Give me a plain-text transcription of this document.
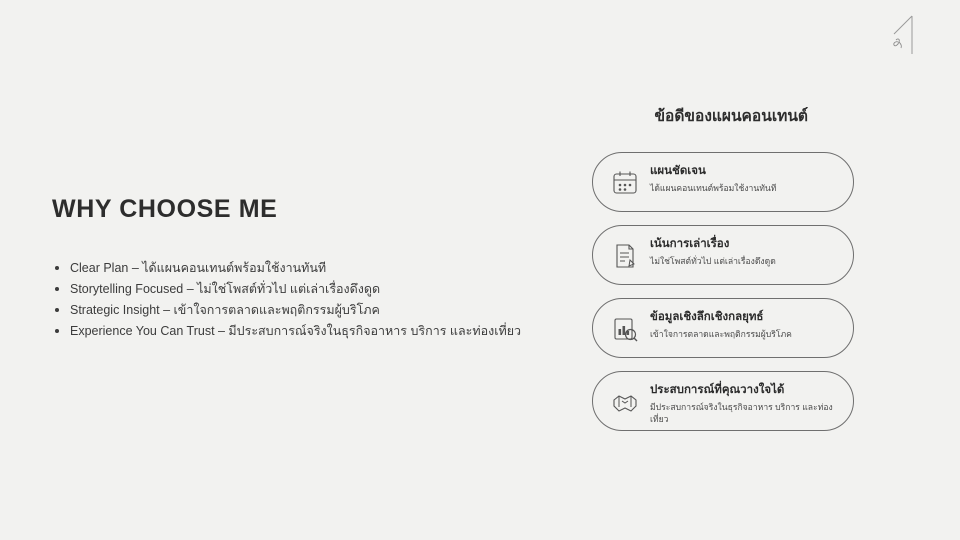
WHY CHOOSE ME
Clear Plan – ได้แผนคอนเทนต์พร้อมใช้งานทันที
Storytelling Focused – ไม่ใช่โพสต์ทั่วไป แต่เล่าเรื่องดึงดูด
Strategic Insight – เข้าใจการตลาดและพฤติกรรมผู้บริโภค
Experience You Can Trust – มีประสบการณ์จริงในธุรกิจอาหาร บริการ และท่องเที่ยว
ข้อดีของแผนคอนเทนต์
แผนชัดเจน
ได้แผนคอนเทนต์พร้อมใช้งานทันที
เน้นการเล่าเรื่อง
ไม่ใช่โพสต์ทั่วไป แต่เล่าเรื่องดึงดูด
ข้อมูลเชิงลึกเชิงกลยุทธ์
เข้าใจการตลาดและพฤติกรรมผู้บริโภค
ประสบการณ์ที่คุณวางใจได้
มีประสบการณ์จริงในธุรกิจอาหาร บริการ และท่องเที่ยว
